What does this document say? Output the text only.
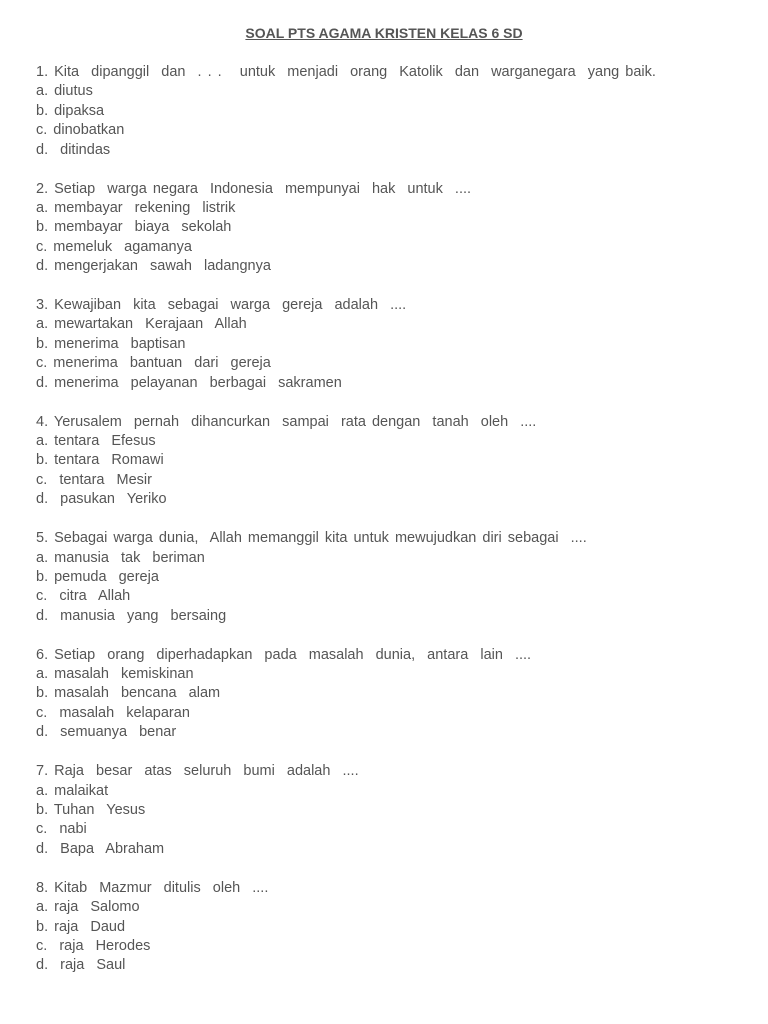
SOAL PTS AGAMA KRISTEN KELAS 6 SD
1. Kita  dipanggil  dan  . . .   untuk  menjadi  orang  Katolik  dan  warganegara  yang baik.
a. diutus
b. dipaksa
c. dinobatkan
d.  ditindas
2. Setiap  warga negara  Indonesia  mempunyai  hak  untuk  ....
a. membayar  rekening  listrik
b. membayar  biaya  sekolah
c. memeluk  agamanya
d. mengerjakan  sawah  ladangnya
3. Kewajiban  kita  sebagai  warga  gereja  adalah  ....
a. mewartakan  Kerajaan  Allah
b. menerima  baptisan
c. menerima  bantuan  dari  gereja
d. menerima  pelayanan  berbagai  sakramen
4. Yerusalem  pernah  dihancurkan  sampai  rata dengan  tanah  oleh  ....
a. tentara  Efesus
b. tentara  Romawi
c.  tentara  Mesir
d.  pasukan  Yeriko
5. Sebagai warga dunia,  Allah memanggil kita untuk mewujudkan diri sebagai  ....
a. manusia  tak  beriman
b. pemuda  gereja
c.  citra  Allah
d.  manusia  yang  bersaing
6. Setiap  orang  diperhadapkan  pada  masalah  dunia,  antara  lain  ....
a. masalah  kemiskinan
b. masalah  bencana  alam
c.  masalah  kelaparan
d.  semuanya  benar
7. Raja  besar  atas  seluruh  bumi  adalah  ....
a. malaikat
b. Tuhan  Yesus
c.  nabi
d.  Bapa  Abraham
8. Kitab  Mazmur  ditulis  oleh  ....
a. raja  Salomo
b. raja  Daud
c.  raja  Herodes
d.  raja  Saul
